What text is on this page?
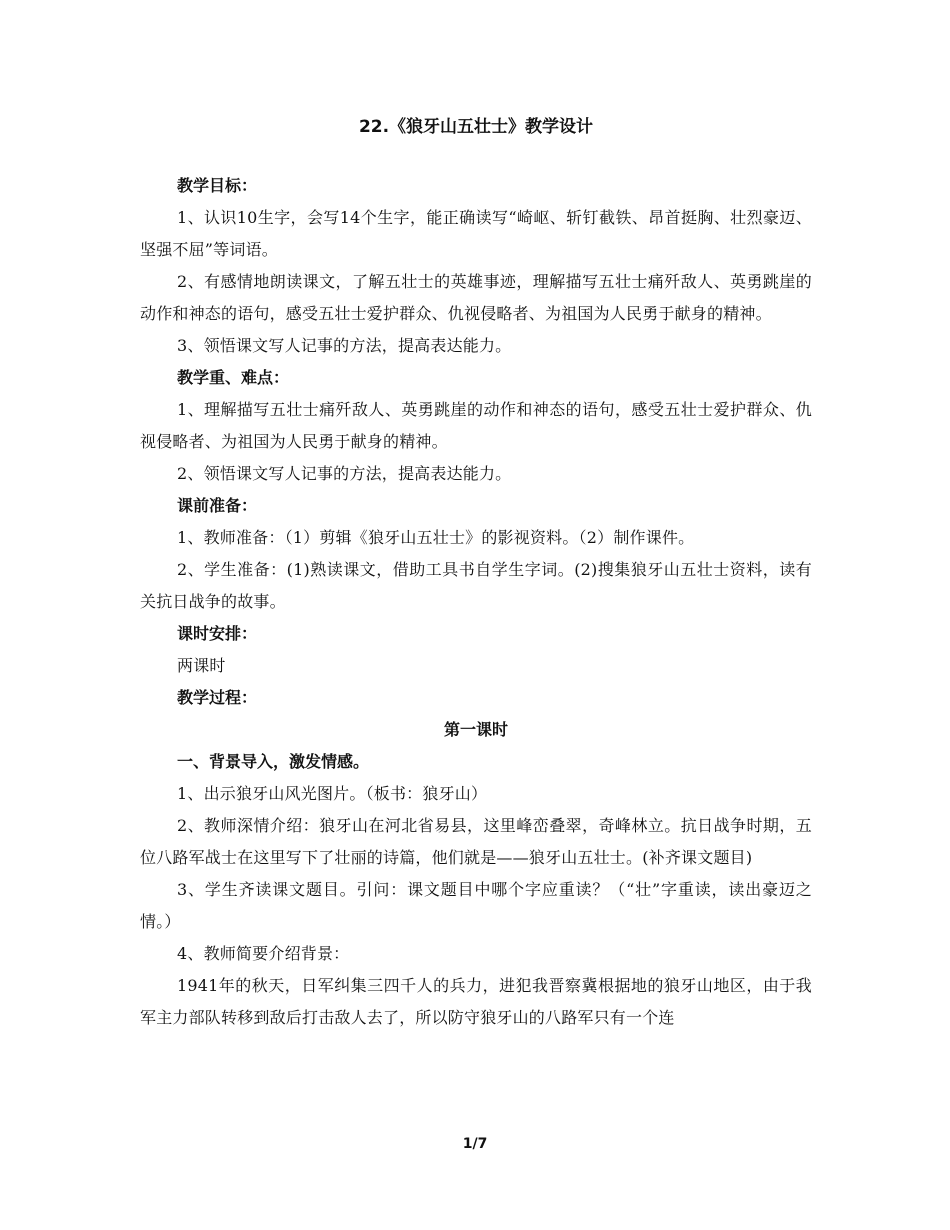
22.《狼牙山五壮士》教学设计

教学目标：

1、认识10生字，会写14个生字，能正确读写“崎岖、斩钉截铁、昂首挺胸、壮烈豪迈、坚强不屈”等词语。

2、有感情地朗读课文，了解五壮士的英雄事迹，理解描写五壮士痛歼敌人、英勇跳崖的动作和神态的语句，感受五壮士爱护群众、仇视侵略者、为祖国为人民勇于献身的精神。

3、领悟课文写人记事的方法，提高表达能力。

教学重、难点：

1、理解描写五壮士痛歼敌人、英勇跳崖的动作和神态的语句，感受五壮士爱护群众、仇视侵略者、为祖国为人民勇于献身的精神。

2、领悟课文写人记事的方法，提高表达能力。

课前准备：

1、教师准备：（1）剪辑《狼牙山五壮士》的影视资料。（2）制作课件。

2、学生准备：(1)熟读课文，借助工具书自学生字词。(2)搜集狼牙山五壮士资料，读有关抗日战争的故事。

课时安排：

两课时

教学过程：

第一课时

一、背景导入，激发情感。

1、出示狼牙山风光图片。（板书：狼牙山）

2、教师深情介绍：狼牙山在河北省易县，这里峰峦叠翠，奇峰林立。抗日战争时期，五位八路军战士在这里写下了壮丽的诗篇，他们就是——狼牙山五壮士。(补齐课文题目)

3、学生齐读课文题目。引问：课文题目中哪个字应重读？（“壮”字重读，读出豪迈之情。）

4、教师简要介绍背景：

1941年的秋天，日军纠集三四千人的兵力，进犯我晋察冀根据地的狼牙山地区，由于我军主力部队转移到敌后打击敌人去了，所以防守狼牙山的八路军只有一个连

1/7
